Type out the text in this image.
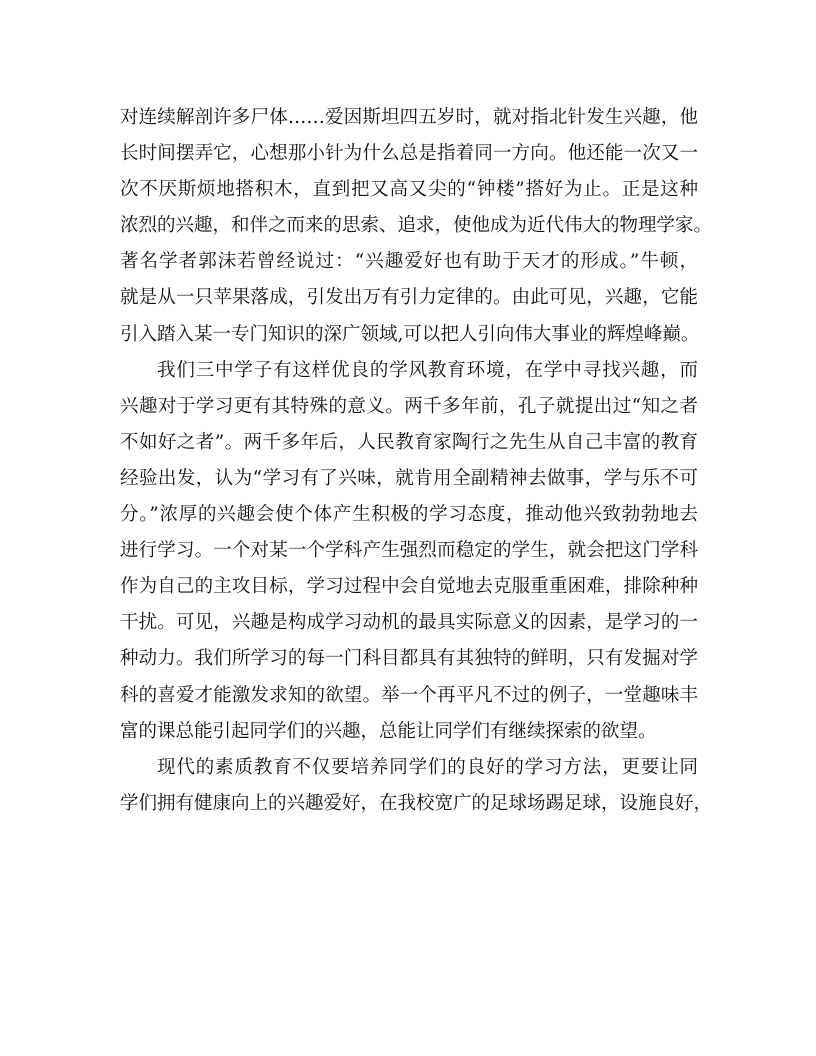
对连续解剖许多尸体……爱因斯坦四五岁时，就对指北针发生兴趣，他
长时间摆弄它，心想那小针为什么总是指着同一方向。他还能一次又一
次不厌斯烦地搭积木，直到把又高又尖的“钟楼”搭好为止。正是这种
浓烈的兴趣，和伴之而来的思索、追求，使他成为近代伟大的物理学家。
著名学者郭沫若曾经说过：“兴趣爱好也有助于天才的形成。”牛顿，
就是从一只苹果落成，引发出万有引力定律的。由此可见，兴趣，它能
引入踏入某一专门知识的深广领域,可以把人引向伟大事业的辉煌峰巅。
我们三中学子有这样优良的学风教育环境，在学中寻找兴趣，而
兴趣对于学习更有其特殊的意义。两千多年前，孔子就提出过“知之者
不如好之者”。两千多年后，人民教育家陶行之先生从自己丰富的教育
经验出发，认为“学习有了兴味，就肯用全副精神去做事，学与乐不可
分。”浓厚的兴趣会使个体产生积极的学习态度，推动他兴致勃勃地去
进行学习。一个对某一个学科产生强烈而稳定的学生，就会把这门学科
作为自己的主攻目标，学习过程中会自觉地去克服重重困难，排除种种
干扰。可见，兴趣是构成学习动机的最具实际意义的因素，是学习的一
种动力。我们所学习的每一门科目都具有其独特的鲜明，只有发掘对学
科的喜爱才能激发求知的欲望。举一个再平凡不过的例子，一堂趣味丰
富的课总能引起同学们的兴趣，总能让同学们有继续探索的欲望。
现代的素质教育不仅要培养同学们的良好的学习方法，更要让同
学们拥有健康向上的兴趣爱好，在我校宽广的足球场踢足球，设施良好，
